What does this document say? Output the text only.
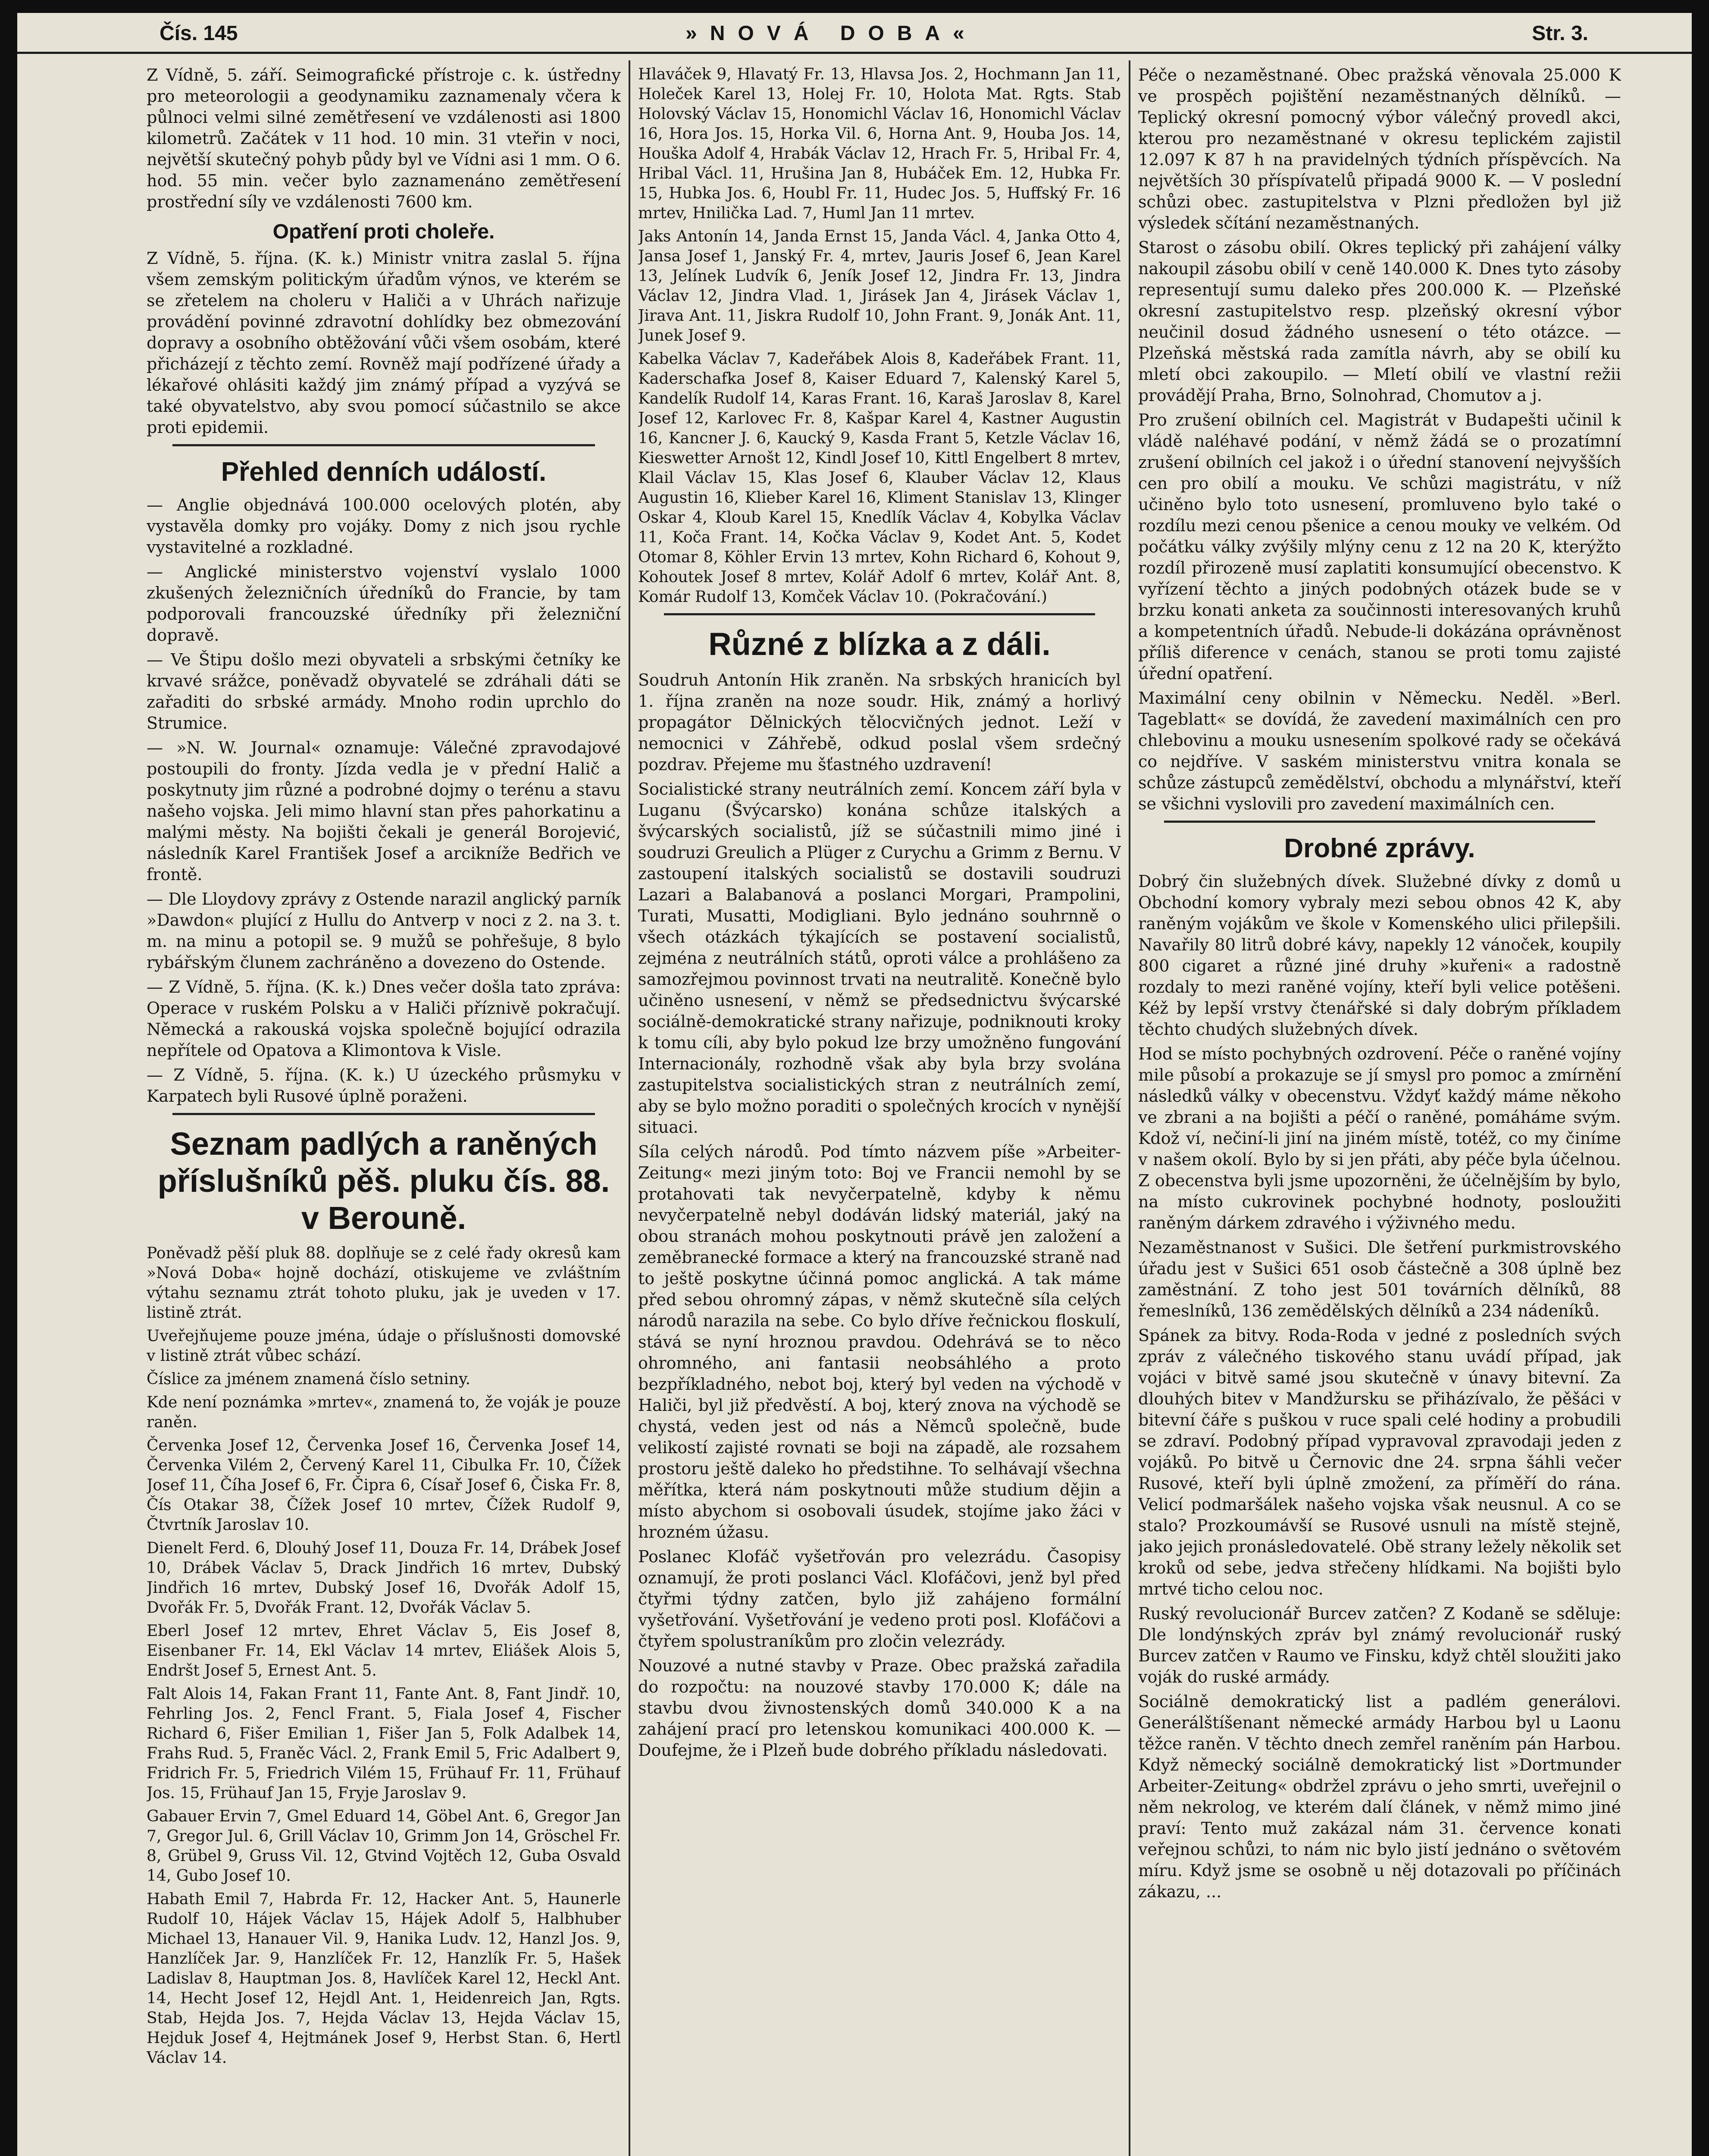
Čís. 145	»NOVÁ DOBA«	Str. 3.

Z Vídně, 5. září. Seimografické přístroje c. k. ústředny pro meteorologii a geodynamiku zaznamenaly včera k půlnoci velmi silné zemětřesení ve vzdálenosti asi 1800 kilometrů. Začátek v 11 hod. 10 min. 31 vteřin v noci, největší skutečný pohyb půdy byl ve Vídni asi 1 mm. O 6. hod. 55 min. večer bylo zaznamenáno zemětřesení prostřední síly ve vzdálenosti 7600 km.

Opatření proti choleře.

Z Vídně, 5. října. (K. k.) Ministr vnitra zaslal 5. října všem zemským politickým úřadům výnos, ve kterém se se zřetelem na choleru v Haliči a v Uhrách nařizuje provádění povinné zdravotní dohlídky bez obmezování dopravy a osobního obtěžování vůči všem osobám, které přicházejí z těchto zemí. Rovněž mají podřízené úřady a lékařové ohlásiti každý jim známý případ a vyzývá se také obyvatelstvo, aby svou pomocí súčastnilo se akce proti epidemii.

Přehled denních událostí.

— Anglie objednává 100.000 ocelových plotén, aby vystavěla domky pro vojáky. Domy z nich jsou rychle vystavitelné a rozkladné.

— Anglické ministerstvo vojenství vyslalo 1000 zkušených železničních úředníků do Francie, by tam podporovali francouzské úředníky při železniční dopravě.

— Ve Štipu došlo mezi obyvateli a srbskými četníky ke krvavé srážce, poněvadž obyvatelé se zdráhali dáti se zařaditi do srbské armády. Mnoho rodin uprchlo do Strumice.

— »N. W. Journal« oznamuje: Válečné zpravodajové postoupili do fronty. Jízda vedla je v přední Halič a poskytnuty jim různé a podrobné dojmy o terénu a stavu našeho vojska. Jeli mimo hlavní stan přes pahorkatinu a malými městy. Na bojišti čekali je generál Borojević, následník Karel František Josef a arcikníže Bedřich ve frontě.

— Dle Lloydovy zprávy z Ostende narazil anglický parník »Dawdon« plující z Hullu do Antverp v noci z 2. na 3. t. m. na minu a potopil se. 9 mužů se pohřešuje, 8 bylo rybářským člunem zachráněno a dovezeno do Ostende.

— Z Vídně, 5. října. (K. k.) Dnes večer došla tato zpráva: Operace v ruském Polsku a v Haliči příznivě pokračují. Německá a rakouská vojska společně bojující odrazila nepřítele od Opatova a Klimontova k Visle.

— Z Vídně, 5. října. (K. k.) U úzeckého průsmyku v Karpatech byli Rusové úplně poraženi.

Seznam padlých a raněných příslušníků pěš. pluku čís. 88. v Berouně.

Poněvadž pěší pluk 88. doplňuje se z celé řady okresů kam »Nová Doba« hojně dochází, otiskujeme ve zvláštním výtahu seznamu ztrát tohoto pluku, jak je uveden v 17. listině ztrát.

Uveřejňujeme pouze jména, údaje o příslušnosti domovské v listině ztrát vůbec schází.

Číslice za jménem znamená číslo setniny.

Kde není poznámka »mrtev«, znamená to, že voják je pouze raněn.

Červenka Josef 12, Červenka Josef 16, Červenka Josef 14, Červenka Vilém 2, Červený Karel 11, Cibulka Fr. 10, Čížek Josef 11, Číha Josef 6, Fr. Čipra 6, Císař Josef 6, Čiska Fr. 8, Čís Otakar 38, Čížek Josef 10 mrtev, Čížek Rudolf 9, Čtvrtník Jaroslav 10.

Dienelt Ferd. 6, Dlouhý Josef 11, Douza Fr. 14, Drábek Josef 10, Drábek Václav 5, Drack Jindřich 16 mrtev, Dubský Jindřich 16 mrtev, Dubský Josef 16, Dvořák Adolf 15, Dvořák Fr. 5, Dvořák Frant. 12, Dvořák Václav 5.

Eberl Josef 12 mrtev, Ehret Václav 5, Eis Josef 8, Eisenbaner Fr. 14, Ekl Václav 14 mrtev, Eliášek Alois 5, Endršt Josef 5, Ernest Ant. 5.

Falt Alois 14, Fakan Frant 11, Fante Ant. 8, Fant Jindř. 10, Fehrling Jos. 2, Fencl Frant. 5, Fiala Josef 4, Fischer Richard 6, Fišer Emilian 1, Fišer Jan 5, Folk Adalbek 14, Frahs Rud. 5, Franěc Václ. 2, Frank Emil 5, Fric Adalbert 9, Fridrich Fr. 5, Friedrich Vilém 15, Frühauf Fr. 11, Frühauf Jos. 15, Frühauf Jan 15, Fryje Jaroslav 9.

Gabauer Ervin 7, Gmel Eduard 14, Göbel Ant. 6, Gregor Jan 7, Gregor Jul. 6, Grill Václav 10, Grimm Jon 14, Gröschel Fr. 8, Grübel 9, Gruss Vil. 12, Gtvind Vojtěch 12, Guba Osvald 14, Gubo Josef 10.

Habath Emil 7, Habrda Fr. 12, Hacker Ant. 5, Haunerle Rudolf 10, Hájek Václav 15, Hájek Adolf 5, Halbhuber Michael 13, Hanauer Vil. 9, Hanika Ludv. 12, Hanzl Jos. 9, Hanzlíček Jar. 9, Hanzlíček Fr. 12, Hanzlík Fr. 5, Hašek Ladislav 8, Hauptman Jos. 8, Havlíček Karel 12, Heckl Ant. 14, Hecht Josef 12, Hejdl Ant. 1, Heidenreich Jan, Rgts. Stab, Hejda Jos. 7, Hejda Václav 13, Hejda Václav 15, Hejduk Josef 4, Hejtmánek Josef 9, Herbst Stan. 6, Hertl Václav 14.

Hlaváček 9, Hlavatý Fr. 13, Hlavsa Jos. 2, Hochmann Jan 11, Holeček Karel 13, Holej Fr. 10, Holota Mat. Rgts. Stab Holovský Václav 15, Honomichl Václav 16, Honomichl Václav 16, Hora Jos. 15, Horka Vil. 6, Horna Ant. 9, Houba Jos. 14, Houška Adolf 4, Hrabák Václav 12, Hrach Fr. 5, Hribal Fr. 4, Hribal Václ. 11, Hrušina Jan 8, Hubáček Em. 12, Hubka Fr. 15, Hubka Jos. 6, Houbl Fr. 11, Hudec Jos. 5, Huffský Fr. 16 mrtev, Hnilička Lad. 7, Huml Jan 11 mrtev.

Jaks Antonín 14, Janda Ernst 15, Janda Václ. 4, Janka Otto 4, Jansa Josef 1, Janský Fr. 4, mrtev, Jauris Josef 6, Jean Karel 13, Jelínek Ludvík 6, Jeník Josef 12, Jindra Fr. 13, Jindra Václav 12, Jindra Vlad. 1, Jirásek Jan 4, Jirásek Václav 1, Jirava Ant. 11, Jiskra Rudolf 10, John Frant. 9, Jonák Ant. 11, Junek Josef 9.

Kabelka Václav 7, Kadeřábek Alois 8, Kadeřábek Frant. 11, Kaderschafka Josef 8, Kaiser Eduard 7, Kalenský Karel 5, Kandelík Rudolf 14, Karas Frant. 16, Karaš Jaroslav 8, Karel Josef 12, Karlovec Fr. 8, Kašpar Karel 4, Kastner Augustin 16, Kancner J. 6, Kaucký 9, Kasda Frant 5, Ketzle Václav 16, Kieswetter Arnošt 12, Kindl Josef 10, Kittl Engelbert 8 mrtev, Klail Václav 15, Klas Josef 6, Klauber Václav 12, Klaus Augustin 16, Klieber Karel 16, Kliment Stanislav 13, Klinger Oskar 4, Kloub Karel 15, Knedlík Václav 4, Kobylka Václav 11, Koča Frant. 14, Kočka Václav 9, Kodet Ant. 5, Kodet Otomar 8, Köhler Ervin 13 mrtev, Kohn Richard 6, Kohout 9, Kohoutek Josef 8 mrtev, Kolář Adolf 6 mrtev, Kolář Ant. 8, Komár Rudolf 13, Komček Václav 10. (Pokračování.)

Různé z blízka a z dáli.

Soudruh Antonín Hik zraněn. Na srbských hranicích byl 1. října zraněn na noze soudr. Hik, známý a horlivý propagátor Dělnických tělocvičných jednot. Leží v nemocnici v Záhřebě, odkud poslal všem srdečný pozdrav. Přejeme mu šťastného uzdravení!

Socialistické strany neutrálních zemí. Koncem září byla v Luganu (Švýcarsko) konána schůze italských a švýcarských socialistů, jíž se súčastnili mimo jiné i soudruzi Greulich a Plüger z Curychu a Grimm z Bernu. V zastoupení italských socialistů se dostavili soudruzi Lazari a Balabanová a poslanci Morgari, Prampolini, Turati, Musatti, Modigliani. Bylo jednáno souhrnně o všech otázkách týkajících se postavení socialistů, zejména z neutrálních států, oproti válce a prohlášeno za samozřejmou povinnost trvati na neutralitě. Konečně bylo učiněno usnesení, v němž se předsednictvu švýcarské sociálně-demokratické strany nařizuje, podniknouti kroky k tomu cíli, aby bylo pokud lze brzy umožněno fungování Internacionály, rozhodně však aby byla brzy svolána zastupitelstva socialistických stran z neutrálních zemí, aby se bylo možno poraditi o společných krocích v nynější situaci.

Síla celých národů. Pod tímto názvem píše »Arbeiter-Zeitung« mezi jiným toto: Boj ve Francii nemohl by se protahovati tak nevyčerpatelně, kdyby k němu nevyčerpatelně nebyl dodáván lidský materiál, jaký na obou stranách mohou poskytnouti právě jen založení a zeměbranecké formace a který na francouzské straně nad to ještě poskytne účinná pomoc anglická. A tak máme před sebou ohromný zápas, v němž skutečně síla celých národů narazila na sebe. Co bylo dříve řečnickou floskulí, stává se nyní hroznou pravdou. Odehrává se to něco ohromného, ani fantasii neobsáhlého a proto bezpříkladného, nebot boj, který byl veden na východě v Haliči, byl již předvěstí. A boj, který znova na východě se chystá, veden jest od nás a Němců společně, bude velikostí zajisté rovnati se boji na západě, ale rozsahem prostoru ještě daleko ho předstihne. To selhávají všechna měřítka, která nám poskytnouti může studium dějin a místo abychom si osobovali úsudek, stojíme jako žáci v hrozném úžasu.

Poslanec Klofáč vyšetřován pro velezrádu. Časopisy oznamují, že proti poslanci Václ. Klofáčovi, jenž byl před čtyřmi týdny zatčen, bylo již zahájeno formální vyšetřování. Vyšetřování je vedeno proti posl. Klofáčovi a čtyřem spolustraníkům pro zločin velezrády.

Nouzové a nutné stavby v Praze. Obec pražská zařadila do rozpočtu: na nouzové stavby 170.000 K; dále na stavbu dvou živnostenských domů 340.000 K a na zahájení prací pro letenskou komunikaci 400.000 K. — Doufejme, že i Plzeň bude dobrého příkladu následovati.

Péče o nezaměstnané. Obec pražská věnovala 25.000 K ve prospěch pojištění nezaměstnaných dělníků. — Teplický okresní pomocný výbor válečný provedl akci, kterou pro nezaměstnané v okresu teplickém zajistil 12.097 K 87 h na pravidelných týdních příspěvcích. Na největších 30 příspívatelů připadá 9000 K. — V poslední schůzi obec. zastupitelstva v Plzni předložen byl již výsledek sčítání nezaměstnaných.

Starost o zásobu obilí. Okres teplický při zahájení války nakoupil zásobu obilí v ceně 140.000 K. Dnes tyto zásoby representují sumu daleko přes 200.000 K. — Plzeňské okresní zastupitelstvo resp. plzeňský okresní výbor neučinil dosud žádného usnesení o této otázce. — Plzeňská městská rada zamítla návrh, aby se obilí ku mletí obci zakoupilo. — Mletí obilí ve vlastní režii provádějí Praha, Brno, Solnohrad, Chomutov a j.

Pro zrušení obilních cel. Magistrát v Budapešti učinil k vládě naléhavé podání, v němž žádá se o prozatímní zrušení obilních cel jakož i o úřední stanovení nejvyšších cen pro obilí a mouku. Ve schůzi magistrátu, v níž učiněno bylo toto usnesení, promluveno bylo také o rozdílu mezi cenou pšenice a cenou mouky ve velkém. Od počátku války zvýšily mlýny cenu z 12 na 20 K, kterýžto rozdíl přirozeně musí zaplatiti konsumující obecenstvo. K vyřízení těchto a jiných podobných otázek bude se v brzku konati anketa za součinnosti interesovaných kruhů a kompetentních úřadů. Nebude-li dokázána oprávněnost příliš diference v cenách, stanou se proti tomu zajisté úřední opatření.

Maximální ceny obilnin v Německu. Neděl. »Berl. Tageblatt« se dovídá, že zavedení maximálních cen pro chlebovinu a mouku usnesením spolkové rady se očekává co nejdříve. V saském ministerstvu vnitra konala se schůze zástupců zemědělství, obchodu a mlynářství, kteří se všichni vyslovili pro zavedení maximálních cen.

Drobné zprávy.

Dobrý čin služebných dívek. Služebné dívky z domů u Obchodní komory vybraly mezi sebou obnos 42 K, aby raněným vojákům ve škole v Komenského ulici přilepšili. Navařily 80 litrů dobré kávy, napekly 12 vánoček, koupily 800 cigaret a různé jiné druhy »kuřeni« a radostně rozdaly to mezi raněné vojíny, kteří byli velice potěšeni. Kéž by lepší vrstvy čtenářské si daly dobrým příkladem těchto chudých služebných dívek.

Hod se místo pochybných ozdrovení. Péče o raněné vojíny mile působí a prokazuje se jí smysl pro pomoc a zmírnění následků války v obecenstvu. Vždyť každý máme někoho ve zbrani a na bojišti a péčí o raněné, pomáháme svým. Kdož ví, nečiní-li jiní na jiném místě, totéž, co my činíme v našem okolí. Bylo by si jen přáti, aby péče byla účelnou. Z obecenstva byli jsme upozorněni, že účelnějším by bylo, na místo cukrovinek pochybné hodnoty, posloužiti raněným dárkem zdravého i výživného medu.

Nezaměstnanost v Sušici. Dle šetření purkmistrovského úřadu jest v Sušici 651 osob částečně a 308 úplně bez zaměstnání. Z toho jest 501 továrních dělníků, 88 řemeslníků, 136 zemědělských dělníků a 234 nádeníků.

Spánek za bitvy. Roda-Roda v jedné z posledních svých zpráv z válečného tiskového stanu uvádí případ, jak vojáci v bitvě samé jsou skutečně v únavy bitevní. Za dlouhých bitev v Mandžursku se přiházívalo, že pěšáci v bitevní čáře s puškou v ruce spali celé hodiny a probudili se zdraví. Podobný případ vypravoval zpravodaji jeden z vojáků. Po bitvě u Černovic dne 24. srpna šáhli večer Rusové, kteří byli úplně zmožení, za příměří do rána. Velicí podmaršálek našeho vojska však neusnul. A co se stalo? Prozkoumávší se Rusové usnuli na místě stejně, jako jejich pronásledovatelé. Obě strany ležely několik set kroků od sebe, jedva střečeny hlídkami. Na bojišti bylo mrtvé ticho celou noc.

Ruský revolucionář Burcev zatčen? Z Kodaně se sděluje: Dle londýnských zpráv byl známý revolucionář ruský Burcev zatčen v Raumo ve Finsku, když chtěl sloužiti jako voják do ruské armády.

Sociálně demokratický list a padlém generálovi. Generálštíšenant německé armády Harbou byl u Laonu těžce raněn. V těchto dnech zemřel raněním pán Harbou. Když německý sociálně demokratický list »Dortmunder Arbeiter-Zeitung« obdržel zprávu o jeho smrti, uveřejnil o něm nekrolog, ve kterém dalí článek, v němž mimo jiné praví: Tento muž zakázal nám 31. července konati veřejnou schůzi, to nám nic bylo jistí jednáno o světovém míru. Když jsme se osobně u něj dotazovali po příčinách zákazu, ...
